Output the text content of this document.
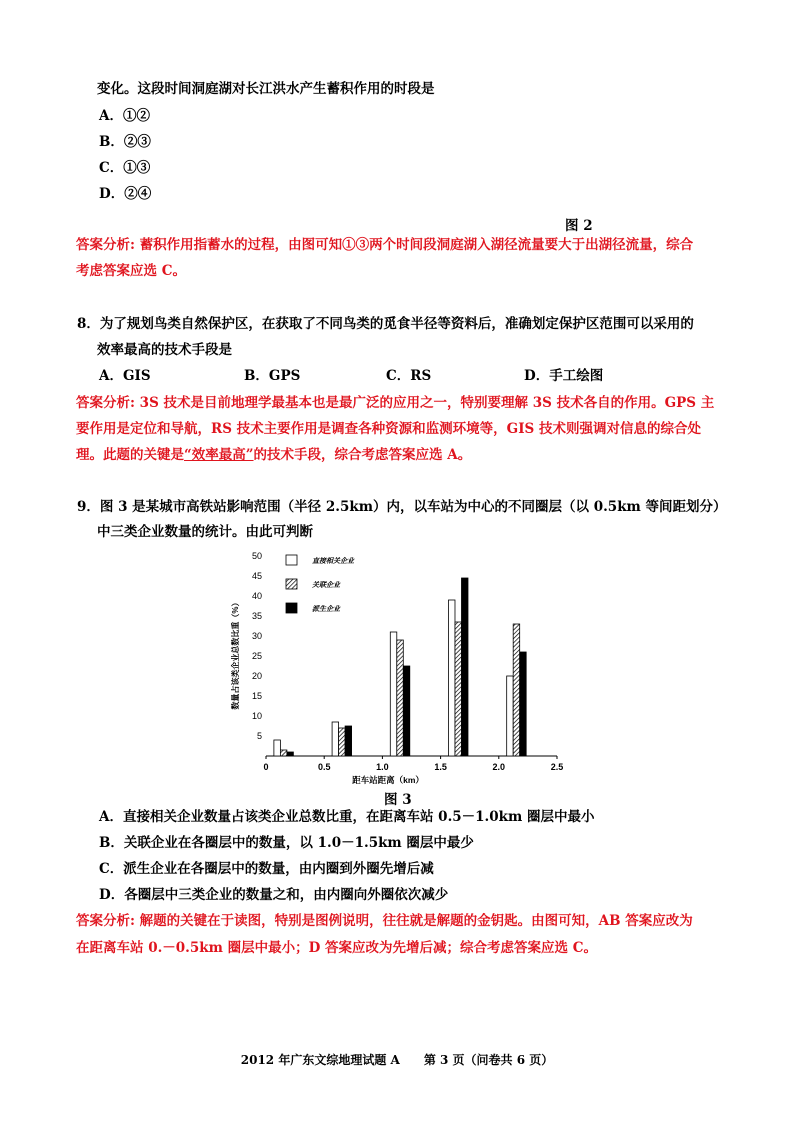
变化。这段时间洞庭湖对长江洪水产生蓄积作用的时段是
A．①②
B．②③
C．①③
D．②④
图 2
答案分析: 蓄积作用指蓄水的过程，由图可知①③两个时间段洞庭湖入湖径流量要大于出湖径流量，综合
考虑答案应选 C。
8．为了规划鸟类自然保护区，在获取了不同鸟类的觅食半径等资料后，准确划定保护区范围可以采用的
效率最高的技术手段是
A．GIS	B．GPS	C．RS	D．手工绘图
答案分析: 3S 技术是目前地理学最基本也是最广泛的应用之一，特别要理解 3S 技术各自的作用。GPS 主
要作用是定位和导航，RS 技术主要作用是调查各种资源和监测环境等，GIS 技术则强调对信息的综合处
理。此题的关键是“效率最高”的技术手段，综合考虑答案应选 A。
9．图 3 是某城市高铁站影响范围（半径 2.5km）内，以车站为中心的不同圈层（以 0.5km 等间距划分）
中三类企业数量的统计。由此可判断
5
10
15
20
25
30
35
40
45
50
0	0.5	1.0	1.5	2.0	2.5
直接相关企业
关联企业
派生企业
数量占该类企业总数比重（%）
距车站距离（km）
图 3
A．直接相关企业数量占该类企业总数比重，在距离车站 0.5－1.0km 圈层中最小
B．关联企业在各圈层中的数量，以 1.0－1.5km 圈层中最少
C．派生企业在各圈层中的数量，由内圈到外圈先增后减
D．各圈层中三类企业的数量之和，由内圈向外圈依次减少
答案分析: 解题的关键在于读图，特别是图例说明，往往就是解题的金钥匙。由图可知，AB 答案应改为
在距离车站 0.－0.5km 圈层中最小；D 答案应改为先增后减；综合考虑答案应选 C。
2012 年广东文综地理试题 A　　第 3 页（问卷共 6 页）
